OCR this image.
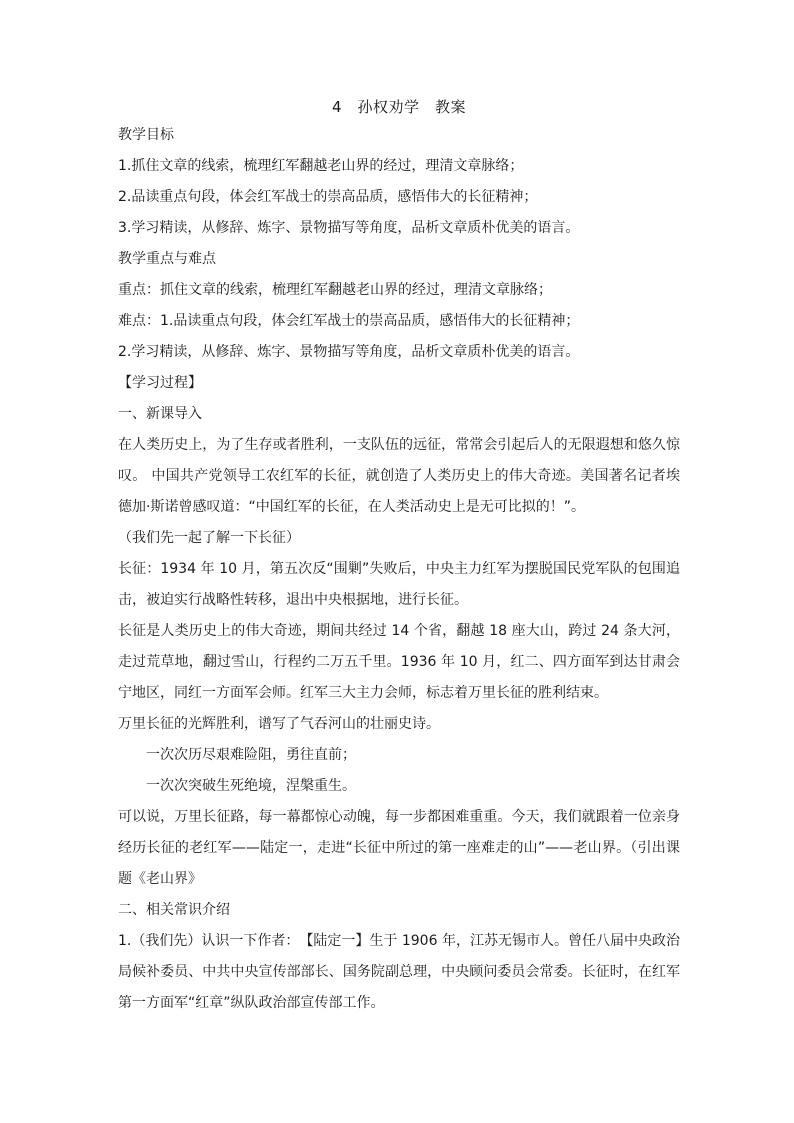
4　孙权劝学　教案

教学目标

1.抓住文章的线索，梳理红军翻越老山界的经过，理清文章脉络；

2.品读重点句段，体会红军战士的崇高品质，感悟伟大的长征精神；

3.学习精读，从修辞、炼字、景物描写等角度，品析文章质朴优美的语言。

教学重点与难点

重点：抓住文章的线索，梳理红军翻越老山界的经过，理清文章脉络；

难点：1.品读重点句段，体会红军战士的崇高品质，感悟伟大的长征精神；

2.学习精读，从修辞、炼字、景物描写等角度，品析文章质朴优美的语言。

【学习过程】

一、新课导入

在人类历史上，为了生存或者胜利，一支队伍的远征，常常会引起后人的无限遐想和悠久惊叹。 中国共产党领导工农红军的长征，就创造了人类历史上的伟大奇迹。美国著名记者埃德加·斯诺曾感叹道：“中国红军的长征，在人类活动史上是无可比拟的！”。

（我们先一起了解一下长征）

长征：1934 年 10 月，第五次反“围剿”失败后，中央主力红军为摆脱国民党军队的包围追击，被迫实行战略性转移，退出中央根据地，进行长征。

长征是人类历史上的伟大奇迹，期间共经过 14 个省，翻越 18 座大山，跨过 24 条大河，走过荒草地，翻过雪山，行程约二万五千里。1936 年 10 月，红二、四方面军到达甘肃会宁地区，同红一方面军会师。红军三大主力会师，标志着万里长征的胜利结束。

万里长征的光辉胜利，谱写了气吞河山的壮丽史诗。

一次次历尽艰难险阻，勇往直前；

一次次突破生死绝境，涅槃重生。

可以说，万里长征路，每一幕都惊心动魄，每一步都困难重重。今天，我们就跟着一位亲身经历长征的老红军——陆定一，走进“长征中所过的第一座难走的山”——老山界。（引出课题《老山界》

二、相关常识介绍

1.（我们先）认识一下作者：　【陆定一】生于 1906 年，江苏无锡市人。曾任八届中央政治局候补委员、中共中央宣传部部长、国务院副总理，中央顾问委员会常委。长征时，在红军第一方面军“红章”纵队政治部宣传部工作。
